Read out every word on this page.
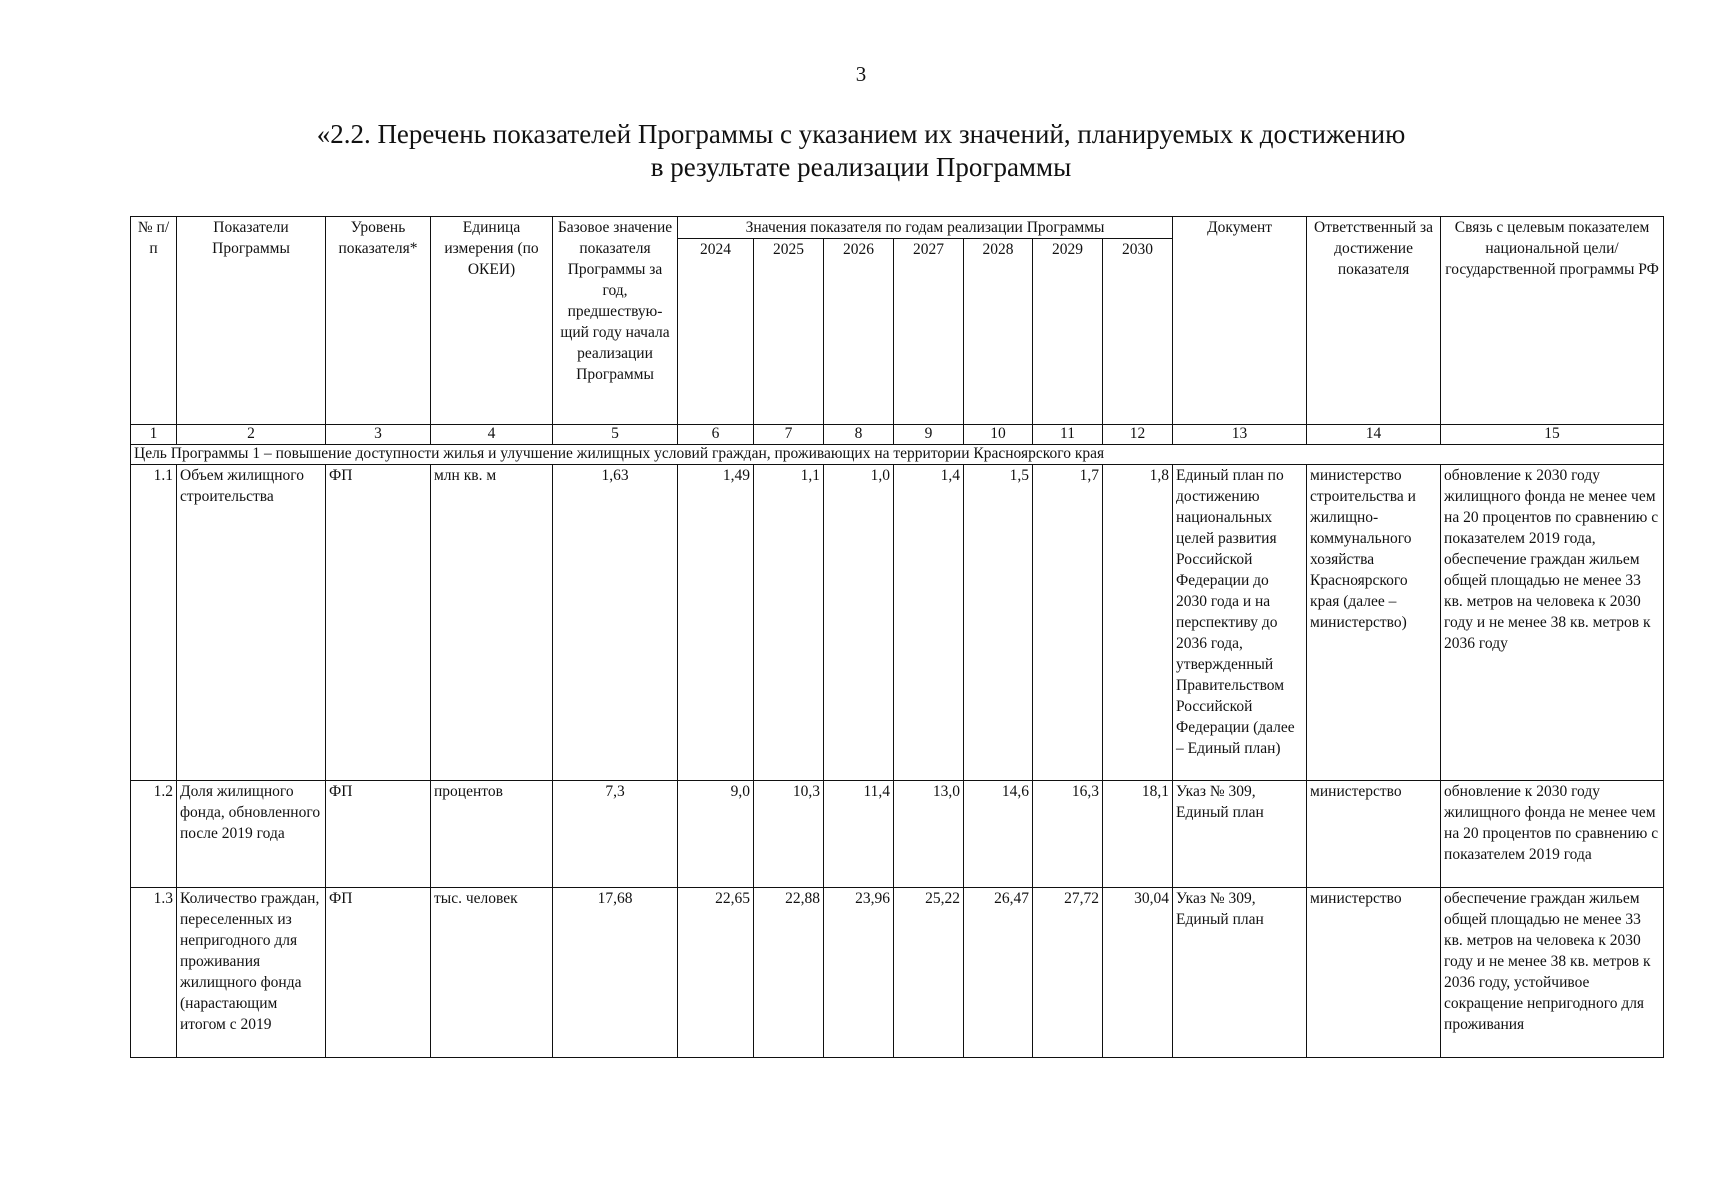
3
«2.2. Перечень показателей Программы с указанием их значений, планируемых к достижению
в результате реализации Программы
№ п/п	Показатели Программы	Уровень показателя*	Единица измерения (по ОКЕИ)	Базовое значение показателя Программы за год, предшествую-щий году начала реализации Программы	Значения показателя по годам реализации Программы							Документ	Ответственный за достижение показателя	Связь с целевым показателем национальной цели/государственной программы РФ
					2024	2025	2026	2027	2028	2029	2030			
1	2	3	4	5	6	7	8	9	10	11	12	13	14	15
Цель Программы 1 – повышение доступности жилья и улучшение жилищных условий граждан, проживающих на территории Красноярского края														
1.1	Объем жилищного строительства	ФП	млн кв. м	1,63	1,49	1,1	1,0	1,4	1,5	1,7	1,8	Единый план по достижению национальных целей развития Российской Федерации до 2030 года и на перспективу до 2036 года, утвержденный Правительством Российской Федерации (далее – Единый план)	министерство строительства и жилищно-коммунального хозяйства Красноярского края (далее – министерство)	обновление к 2030 году жилищного фонда не менее чем на 20 процентов по сравнению с показателем 2019 года, обеспечение граждан жильем общей площадью не менее 33 кв. метров на человека к 2030 году и не менее 38 кв. метров к 2036 году
1.2	Доля жилищного фонда, обновленного после 2019 года	ФП	процентов	7,3	9,0	10,3	11,4	13,0	14,6	16,3	18,1	Указ № 309, Единый план	министерство	обновление к 2030 году жилищного фонда не менее чем на 20 процентов по сравнению с показателем 2019 года
1.3	Количество граждан, переселенных из непригодного для проживания жилищного фонда (нарастающим итогом с 2019	ФП	тыс. человек	17,68	22,65	22,88	23,96	25,22	26,47	27,72	30,04	Указ № 309, Единый план	министерство	обеспечение граждан жильем общей площадью не менее 33 кв. метров на человека к 2030 году и не менее 38 кв. метров к 2036 году, устойчивое сокращение непригодного для проживания
